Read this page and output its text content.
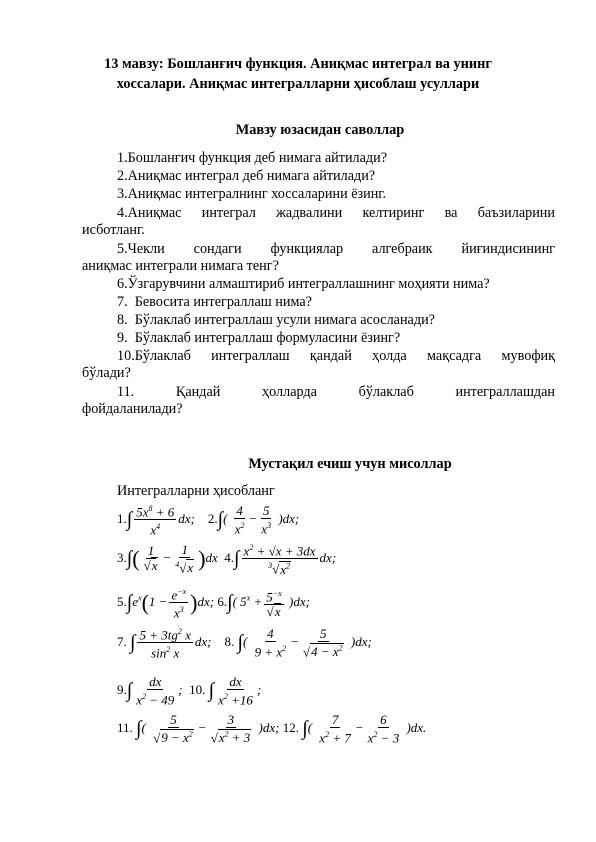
13 мавзу: Бошланғич функция. Аниқмас интеграл ва унинг
хоссалари. Аниқмас интегралларни ҳисоблаш усуллари
Мавзу юзасидан саволлар
1.Бошланғич функция деб нимага айтилади?
2.Аниқмас интеграл деб нимага айтилади?
3.Аниқмас интегралнинг хоссаларини ёзинг.
4.Аниқмас интеграл жадвалини келтиринг ва баъзиларини
исботланг.
5.Чекли сондаги функциялар алгебраик йиғиндисининг
аниқмас интеграли нимага тенг?
6.Ўзгарувчини алмаштириб интеграллашнинг моҳияти нима?
7. Бевосита интеграллаш нима?
8. Бўлаклаб интеграллаш усули нимага асосланади?
9. Бўлаклаб интеграллаш формуласини ёзинг?
10.Бўлаклаб интеграллаш қандай ҳолда мақсадга мувофиқ
бўлади?
11.	Қандай ҳолларда бўлаклаб интеграллашдан
фойдаланилади?
Мустақил ечиш учун мисоллар
Интегралларни ҳисобланг
$1.\int \frac{5x^8 + 6}{x^4}$ dx;    $2.\int( \frac{4}{x^2} - \frac{5}{x^3} )dx$;
$3.\int( \frac{1}{√x} - \frac{1}{^4√x} )dx$  $4.\int \frac{x^2 + √x + 3dx}{^3√x^2}$ dx;
$5.\int e^x(1 - \frac{e^{-x}}{x^3} )dx$; 6.∫( $5^x + \frac{5^{-x}}{√x} )dx$;
7. ∫ $\frac{5 + 3tg^2 x}{\sin^2 x}$ dx;    8. ∫( $\frac{4}{9 + x^2} - \frac{5}{√4 - x^2} )dx$;
$9.\int \frac{dx}{x^2 - 49}$ ;  10. ∫ $\frac{dx}{x^2 +16}$ ;
11. ∫( $\frac{5}{√9 - x^2} - \frac{3}{√x^2 + 3} )dx$; 12. ∫( $\frac{7}{x^2 + 7} - \frac{6}{x^2 - 3} )dx$.
